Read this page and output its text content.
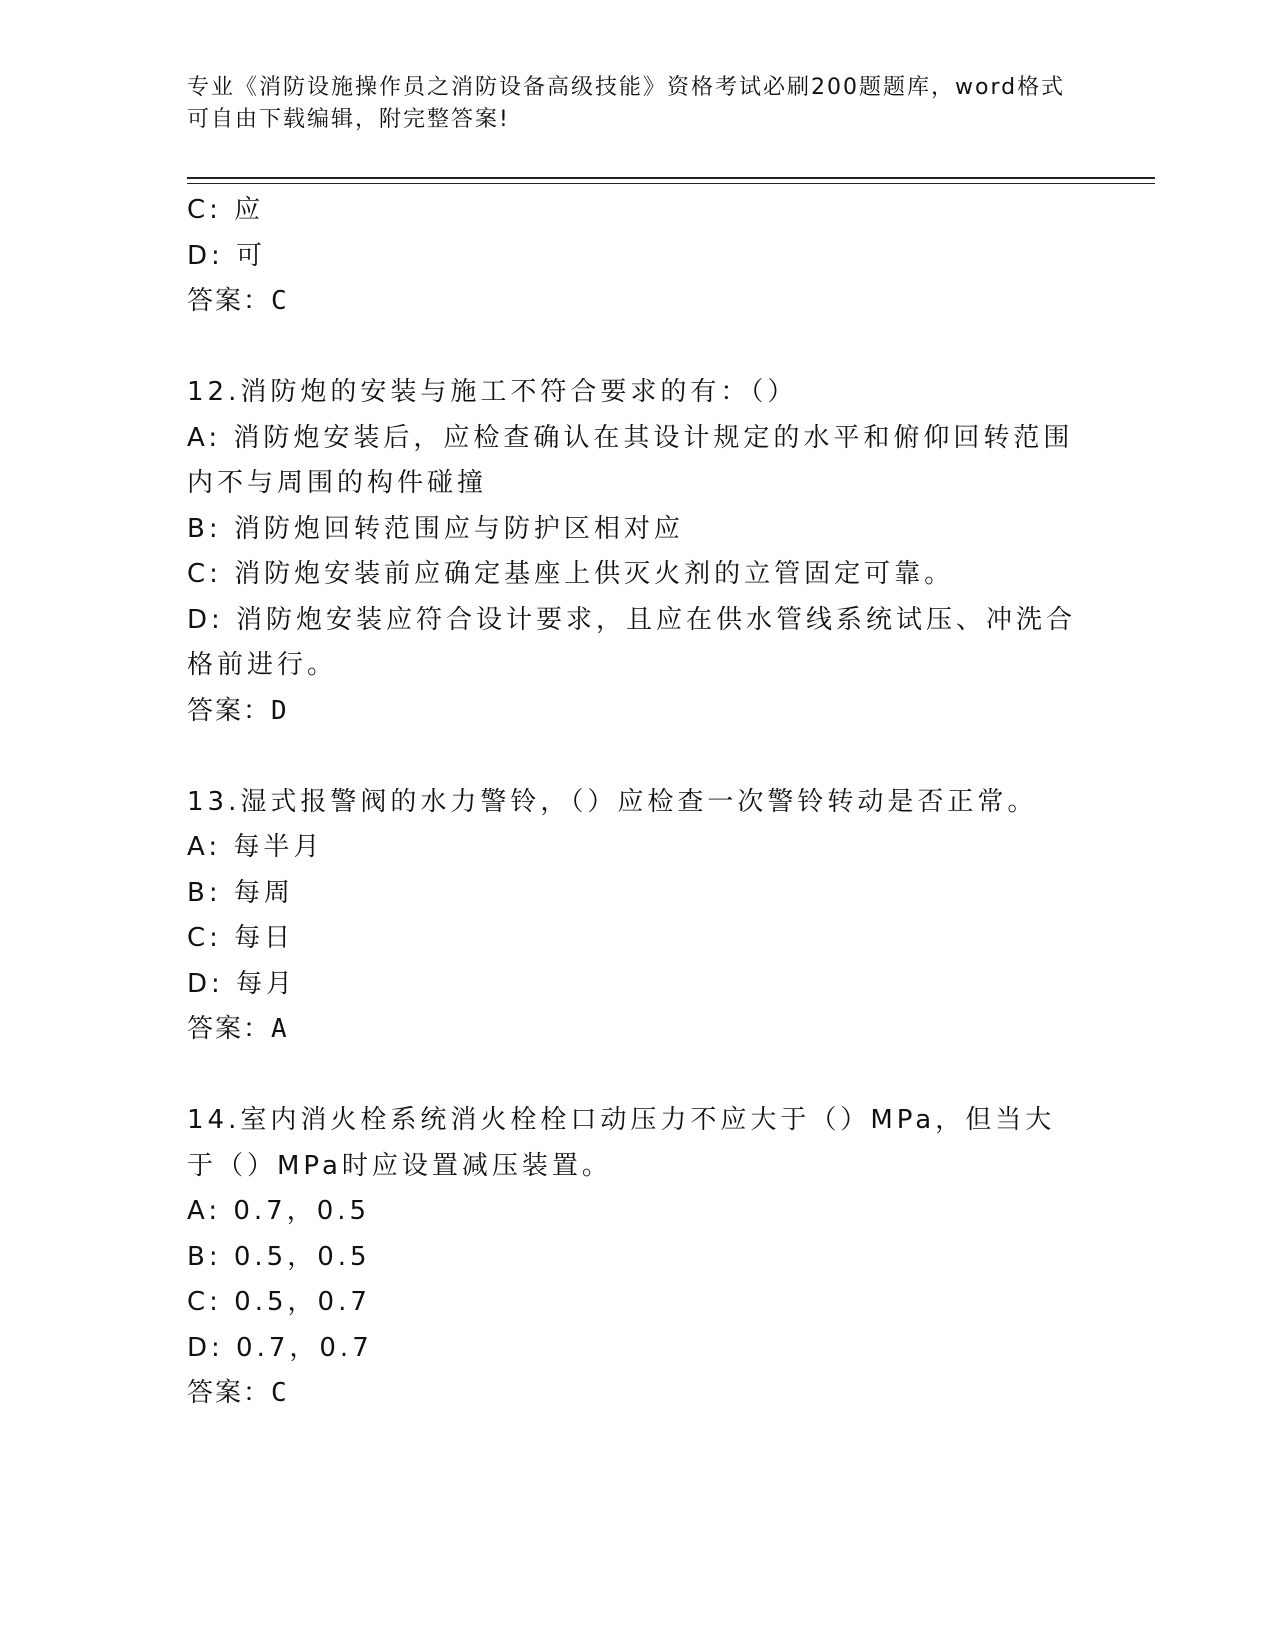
专业《消防设施操作员之消防设备高级技能》资格考试必刷200题题库，word格式可自由下载编辑，附完整答案!

C: 应

D: 可

答案：C

12.消防炮的安装与施工不符合要求的有：（）

A: 消防炮安装后，应检查确认在其设计规定的水平和俯仰回转范围内不与周围的构件碰撞

B: 消防炮回转范围应与防护区相对应

C: 消防炮安装前应确定基座上供灭火剂的立管固定可靠。

D: 消防炮安装应符合设计要求，且应在供水管线系统试压、冲洗合格前进行。

答案：D

13.湿式报警阀的水力警铃，（）应检查一次警铃转动是否正常。

A: 每半月

B: 每周

C: 每日

D: 每月

答案：A

14.室内消火栓系统消火栓栓口动压力不应大于（）MPa，但当大于（）MPa时应设置减压装置。

A: 0.7，0.5

B: 0.5，0.5

C: 0.5，0.7

D: 0.7，0.7

答案：C
